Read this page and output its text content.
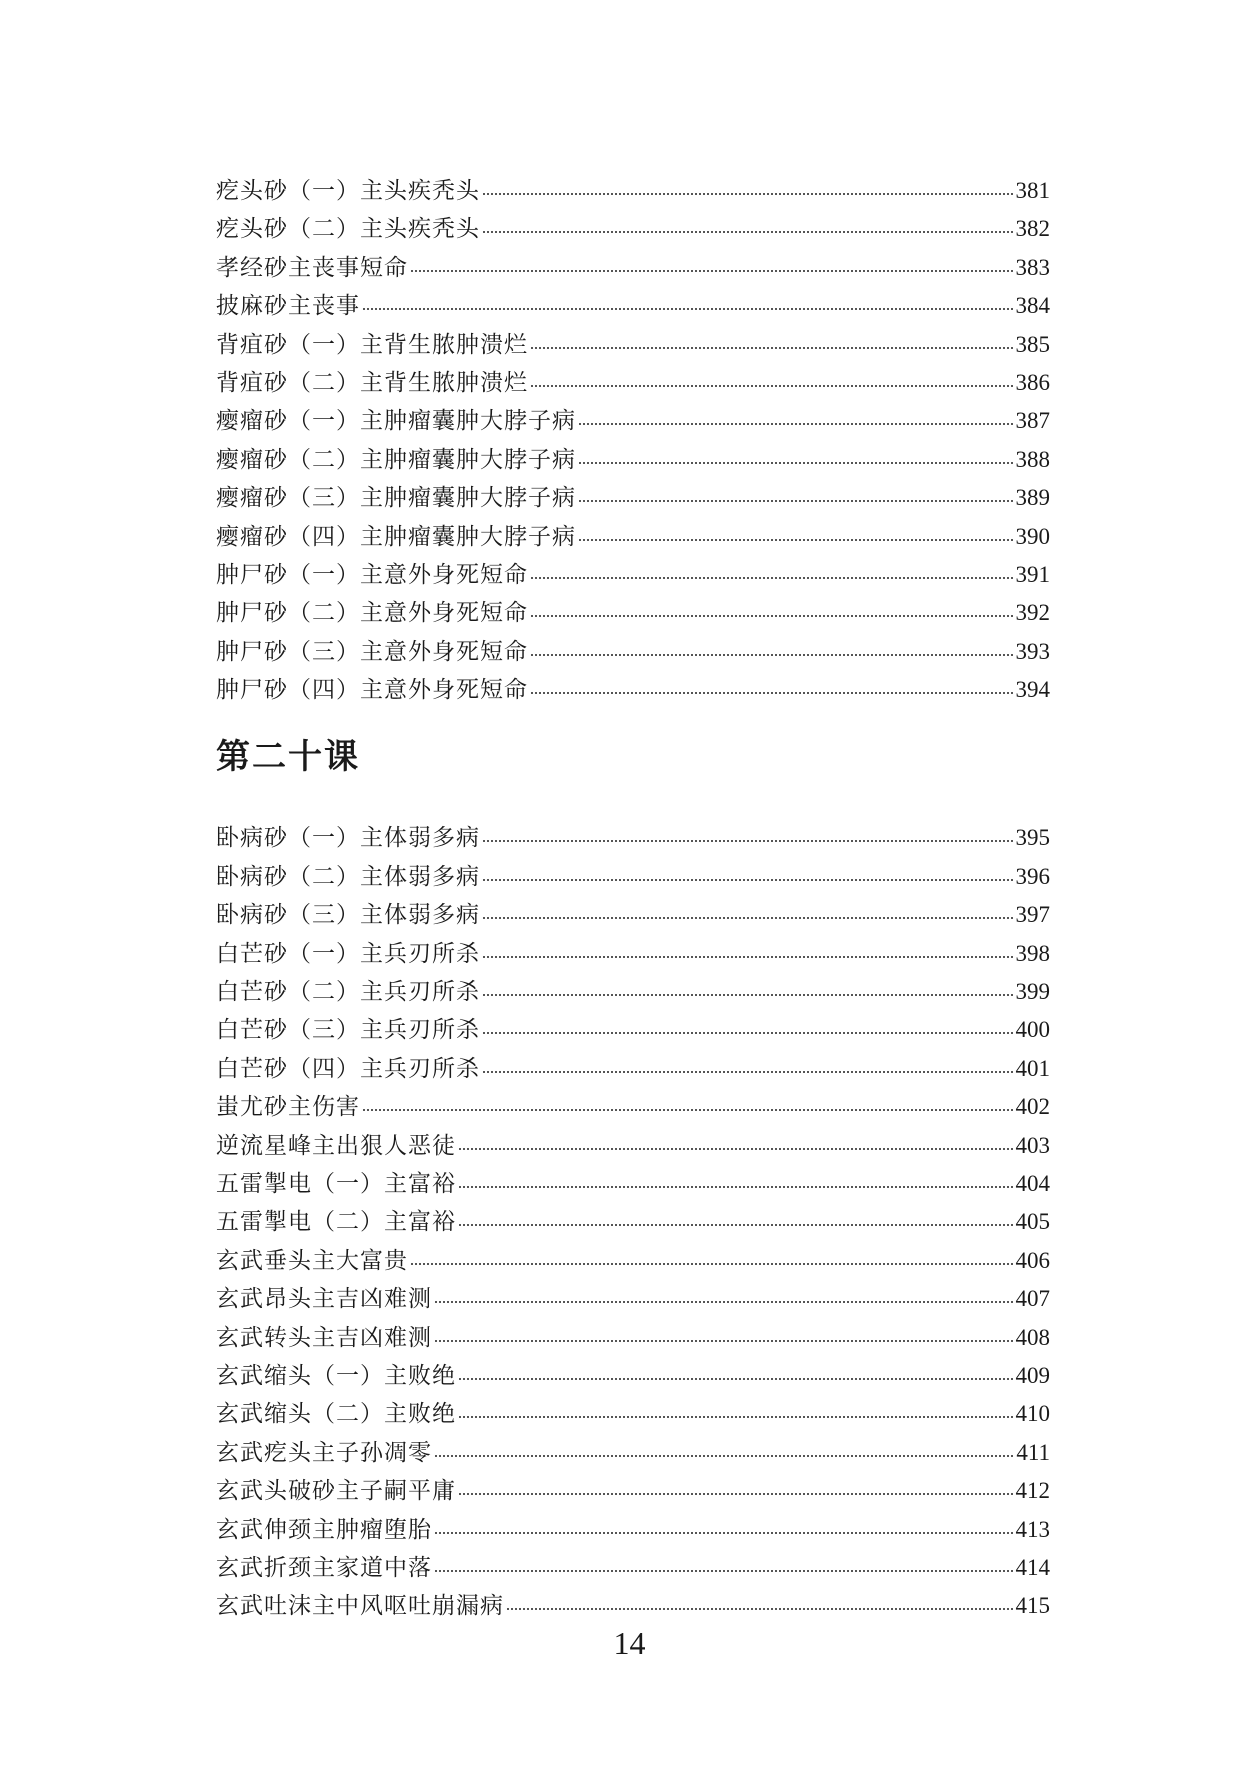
疙头砂（一）主头疾秃头	381
疙头砂（二）主头疾秃头	382
孝经砂主丧事短命	383
披麻砂主丧事	384
背疽砂（一）主背生脓肿溃烂	385
背疽砂（二）主背生脓肿溃烂	386
瘿瘤砂（一）主肿瘤囊肿大脖子病	387
瘿瘤砂（二）主肿瘤囊肿大脖子病	388
瘿瘤砂（三）主肿瘤囊肿大脖子病	389
瘿瘤砂（四）主肿瘤囊肿大脖子病	390
肿尸砂（一）主意外身死短命	391
肿尸砂（二）主意外身死短命	392
肿尸砂（三）主意外身死短命	393
肿尸砂（四）主意外身死短命	394
第二十课
卧病砂（一）主体弱多病	395
卧病砂（二）主体弱多病	396
卧病砂（三）主体弱多病	397
白芒砂（一）主兵刃所杀	398
白芒砂（二）主兵刃所杀	399
白芒砂（三）主兵刃所杀	400
白芒砂（四）主兵刃所杀	401
蚩尤砂主伤害	402
逆流星峰主出狠人恶徒	403
五雷掣电（一）主富裕	404
五雷掣电（二）主富裕	405
玄武垂头主大富贵	406
玄武昂头主吉凶难测	407
玄武转头主吉凶难测	408
玄武缩头（一）主败绝	409
玄武缩头（二）主败绝	410
玄武疙头主子孙凋零	411
玄武头破砂主子嗣平庸	412
玄武伸颈主肿瘤堕胎	413
玄武折颈主家道中落	414
玄武吐沫主中风呕吐崩漏病	415
14
